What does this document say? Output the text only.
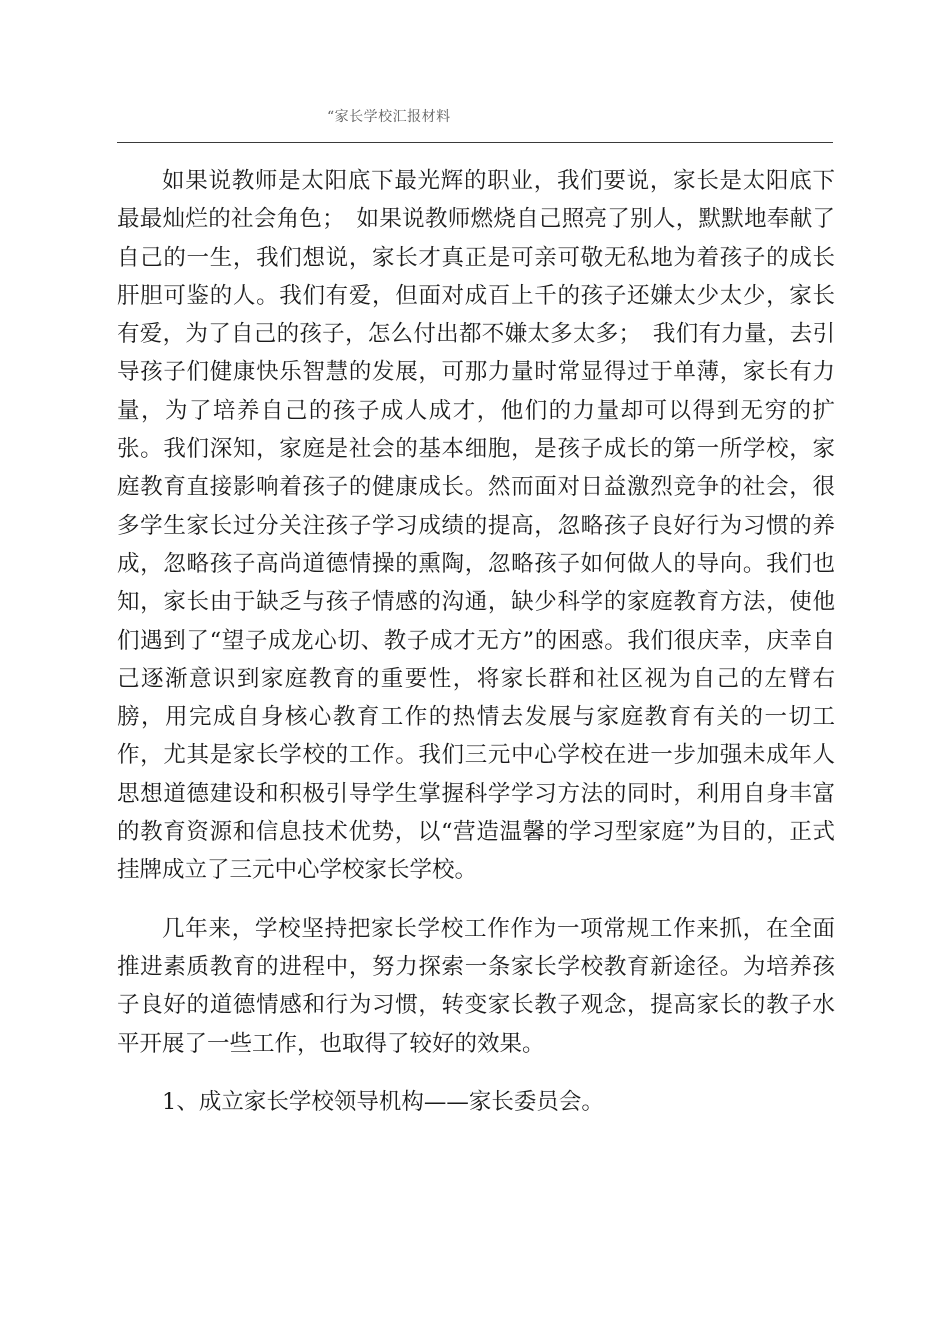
“家长学校汇报材料

如果说教师是太阳底下最光辉的职业，我们要说，家长是太阳底下最最灿烂的社会角色；　如果说教师燃烧自己照亮了别人，默默地奉献了自己的一生，我们想说，家长才真正是可亲可敬无私地为着孩子的成长肝胆可鉴的人。我们有爱，但面对成百上千的孩子还嫌太少太少，家长有爱，为了自己的孩子，怎么付出都不嫌太多太多；　我们有力量，去引导孩子们健康快乐智慧的发展，可那力量时常显得过于单薄，家长有力量，为了培养自己的孩子成人成才，他们的力量却可以得到无穷的扩张。我们深知，家庭是社会的基本细胞，是孩子成长的第一所学校，家庭教育直接影响着孩子的健康成长。然而面对日益激烈竞争的社会，很多学生家长过分关注孩子学习成绩的提高，忽略孩子良好行为习惯的养成，忽略孩子高尚道德情操的熏陶，忽略孩子如何做人的导向。我们也知，家长由于缺乏与孩子情感的沟通，缺少科学的家庭教育方法，使他们遇到了“望子成龙心切、教子成才无方”的困惑。我们很庆幸，庆幸自己逐渐意识到家庭教育的重要性，将家长群和社区视为自己的左臂右膀，用完成自身核心教育工作的热情去发展与家庭教育有关的一切工作，尤其是家长学校的工作。我们三元中心学校在进一步加强未成年人思想道德建设和积极引导学生掌握科学学习方法的同时，利用自身丰富的教育资源和信息技术优势，以“营造温馨的学习型家庭”为目的，正式挂牌成立了三元中心学校家长学校。

几年来，学校坚持把家长学校工作作为一项常规工作来抓，在全面推进素质教育的进程中，努力探索一条家长学校教育新途径。为培养孩子良好的道德情感和行为习惯，转变家长教子观念，提高家长的教子水平开展了一些工作，也取得了较好的效果。

1、成立家长学校领导机构——家长委员会。
